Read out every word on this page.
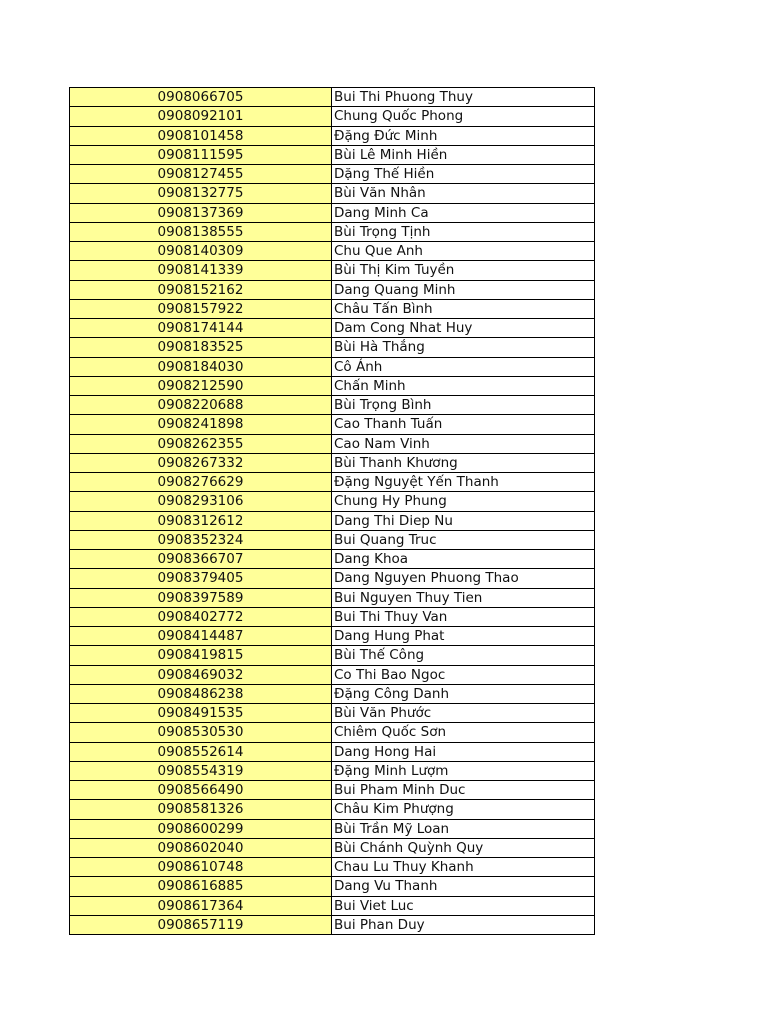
0908066705	Bui Thi Phuong Thuy
0908092101	Chung Quốc Phong
0908101458	Đặng Đức Minh
0908111595	Bùi Lê Minh Hiền
0908127455	Dặng Thế Hiền
0908132775	Bùi Văn Nhân
0908137369	Dang Minh Ca
0908138555	Bùi Trọng Tịnh
0908140309	Chu Que Anh
0908141339	Bùi Thị Kim Tuyền
0908152162	Dang Quang Minh
0908157922	Châu Tấn Bình
0908174144	Dam Cong Nhat Huy
0908183525	Bùi Hà Thắng
0908184030	Cô Ánh
0908212590	Chấn Minh
0908220688	Bùi Trọng Bình
0908241898	Cao Thanh Tuấn
0908262355	Cao Nam Vinh
0908267332	Bùi Thanh Khương
0908276629	Đặng Nguyệt Yến Thanh
0908293106	Chung Hy Phung
0908312612	Dang Thi Diep Nu
0908352324	Bui Quang Truc
0908366707	Dang Khoa
0908379405	Dang Nguyen Phuong Thao
0908397589	Bui Nguyen Thuy Tien
0908402772	Bui Thi Thuy Van
0908414487	Dang Hung Phat
0908419815	Bùi Thế Công
0908469032	Co Thi Bao Ngoc
0908486238	Đặng Công Danh
0908491535	Bùi Văn Phước
0908530530	Chiêm Quốc Sơn
0908552614	Dang Hong Hai
0908554319	Đặng Minh Lượm
0908566490	Bui Pham Minh Duc
0908581326	Châu Kim Phượng
0908600299	Bùi Trần Mỹ Loan
0908602040	Bùi Chánh Quỳnh Quy
0908610748	Chau Lu Thuy Khanh
0908616885	Dang Vu Thanh
0908617364	Bui Viet Luc
0908657119	Bui Phan Duy
